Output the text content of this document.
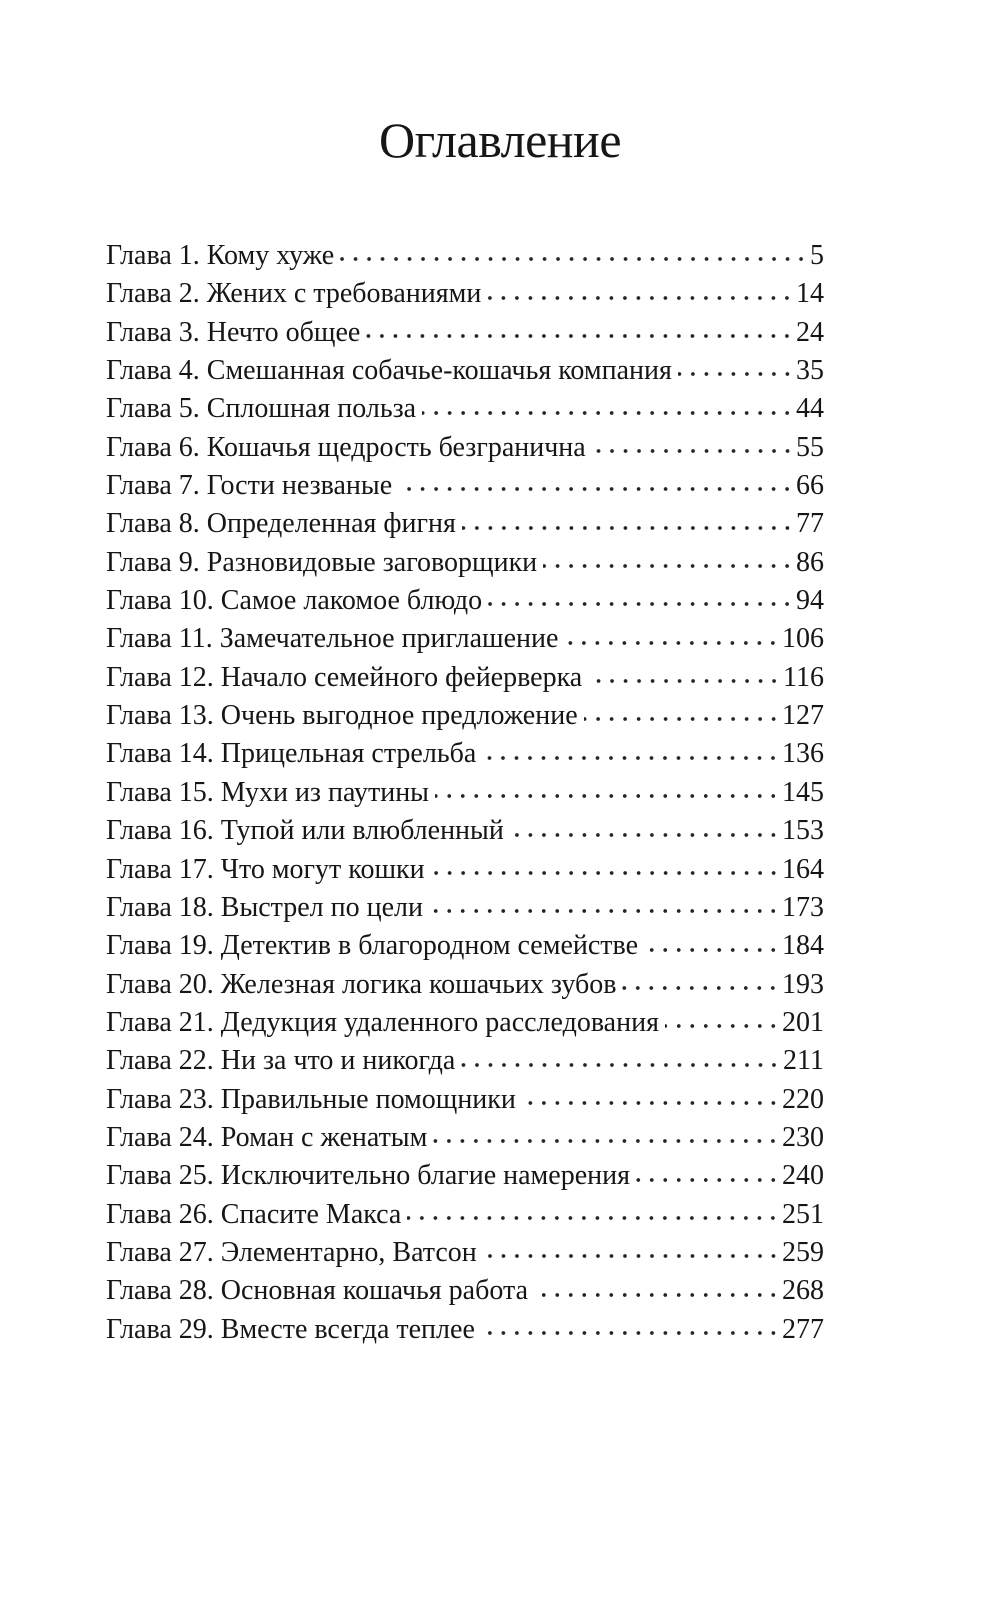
Оглавление
Глава 1. Кому хуже	5
Глава 2. Жених с требованиями	14
Глава 3. Нечто общее	24
Глава 4. Смешанная собачье-кошачья компания	35
Глава 5. Сплошная польза	44
Глава 6. Кошачья щедрость безгранична	55
Глава 7. Гости незваные	66
Глава 8. Определенная фигня	77
Глава 9. Разновидовые заговорщики	86
Глава 10. Самое лакомое блюдо	94
Глава 11. Замечательное приглашение	106
Глава 12. Начало семейного фейерверка	116
Глава 13. Очень выгодное предложение	127
Глава 14. Прицельная стрельба	136
Глава 15. Мухи из паутины	145
Глава 16. Тупой или влюбленный	153
Глава 17. Что могут кошки	164
Глава 18. Выстрел по цели	173
Глава 19. Детектив в благородном семействе	184
Глава 20. Железная логика кошачьих зубов	193
Глава 21. Дедукция удаленного расследования	201
Глава 22. Ни за что и никогда	211
Глава 23. Правильные помощники	220
Глава 24. Роман с женатым	230
Глава 25. Исключительно благие намерения	240
Глава 26. Спасите Макса	251
Глава 27. Элементарно, Ватсон	259
Глава 28. Основная кошачья работа	268
Глава 29. Вместе всегда теплее	277
